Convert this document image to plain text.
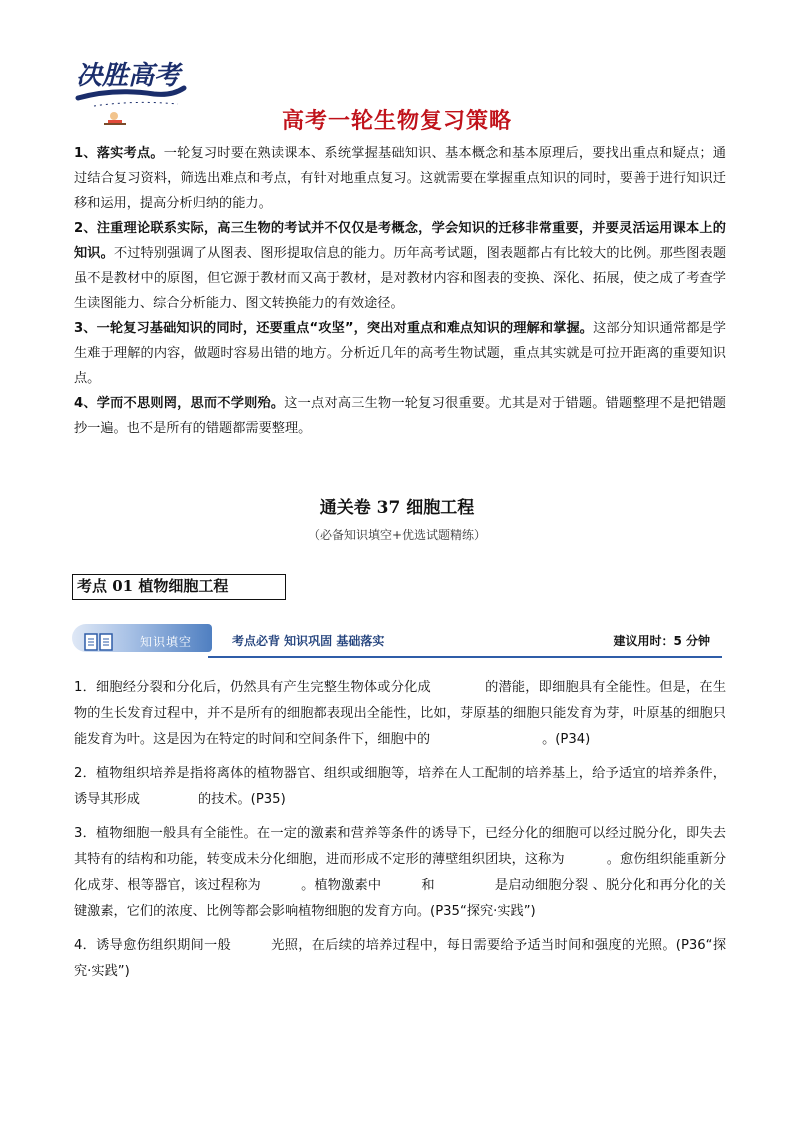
决胜高考
高考一轮生物复习策略

1、落实考点。一轮复习时要在熟读课本、系统掌握基础知识、基本概念和基本原理后，要找出重点和疑点；通过结合复习资料，筛选出难点和考点，有针对地重点复习。这就需要在掌握重点知识的同时，要善于进行知识迁移和运用，提高分析归纳的能力。

2、注重理论联系实际，高三生物的考试并不仅仅是考概念，学会知识的迁移非常重要，并要灵活运用课本上的知识。不过特别强调了从图表、图形提取信息的能力。历年高考试题，图表题都占有比较大的比例。那些图表题虽不是教材中的原图，但它源于教材而又高于教材，是对教材内容和图表的变换、深化、拓展，使之成了考查学生读图能力、综合分析能力、图文转换能力的有效途径。

3、一轮复习基础知识的同时，还要重点“攻坚”，突出对重点和难点知识的理解和掌握。这部分知识通常都是学生难于理解的内容，做题时容易出错的地方。分析近几年的高考生物试题，重点其实就是可拉开距离的重要知识点。

4、学而不思则罔，思而不学则殆。这一点对高三生物一轮复习很重要。尤其是对于错题。错题整理不是把错题抄一遍。也不是所有的错题都需要整理。

通关卷 37 细胞工程
（必备知识填空+优选试题精练）
考点 01 植物细胞工程
知识填空	考点必背 知识巩固 基础落实	建议用时：5 分钟

1．细胞经分裂和分化后，仍然具有产生完整生物体或分化成	的潜能，即细胞具有全能性。但是，在生物的生长发育过程中，并不是所有的细胞都表现出全能性，比如，芽原基的细胞只能发育为芽，叶原基的细胞只能发育为叶。这是因为在特定的时间和空间条件下，细胞中的	。(P34)

2．植物组织培养是指将离体的植物器官、组织或细胞等，培养在人工配制的培养基上，给予适宜的培养条件，诱导其形成	的技术。(P35)

3．植物细胞一般具有全能性。在一定的激素和营养等条件的诱导下，已经分化的细胞可以经过脱分化，即失去其特有的结构和功能，转变成未分化细胞，进而形成不定形的薄壁组织团块，这称为	。愈伤组织能重新分化成芽、根等器官，该过程称为	。植物激素中	和	是启动细胞分裂 、脱分化和再分化的关键激素，它们的浓度、比例等都会影响植物细胞的发育方向。(P35“探究·实践”)

4．诱导愈伤组织期间一般	光照，在后续的培养过程中，每日需要给予适当时间和强度的光照。(P36“探究·实践”)
